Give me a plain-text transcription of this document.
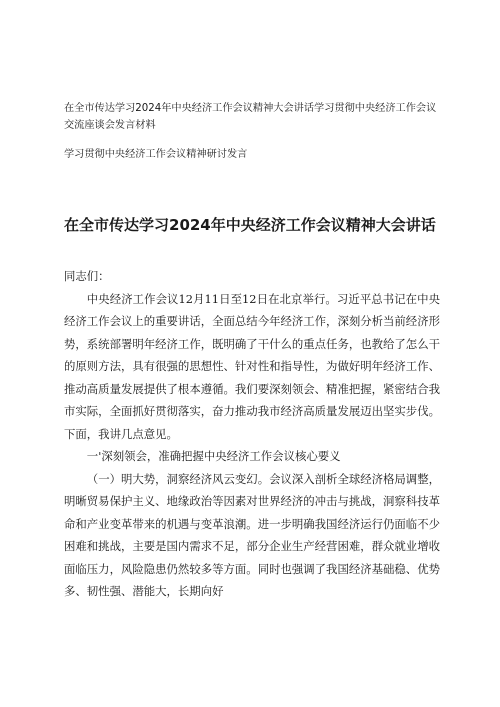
在全市传达学习2024年中央经济工作会议精神大会讲话学习贯彻中央经济工作会议交流座谈会发言材料

学习贯彻中央经济工作会议精神研讨发言

在全市传达学习2024年中央经济工作会议精神大会讲话

同志们：

中央经济工作会议12月11日至12日在北京举行。习近平总书记在中央经济工作会议上的重要讲话，全面总结今年经济工作，深刻分析当前经济形势，系统部署明年经济工作，既明确了干什么的重点任务，也教给了怎么干的原则方法，具有很强的思想性、针对性和指导性，为做好明年经济工作、推动高质量发展提供了根本遵循。我们要深刻领会、精准把握，紧密结合我市实际，全面抓好贯彻落实，奋力推动我市经济高质量发展迈出坚实步伐。下面，我讲几点意见。

一'深刻领会，准确把握中央经济工作会议核心要义

（一）明大势，洞察经济风云变幻。会议深入剖析全球经济格局调整，明晰贸易保护主义、地缘政治等因素对世界经济的冲击与挑战，洞察科技革命和产业变革带来的机遇与变革浪潮。进一步明确我国经济运行仍面临不少困难和挑战，主要是国内需求不足，部分企业生产经营困难，群众就业增收面临压力，风险隐患仍然较多等方面。同时也强调了我国经济基础稳、优势多、韧性强、潜能大，长期向好
